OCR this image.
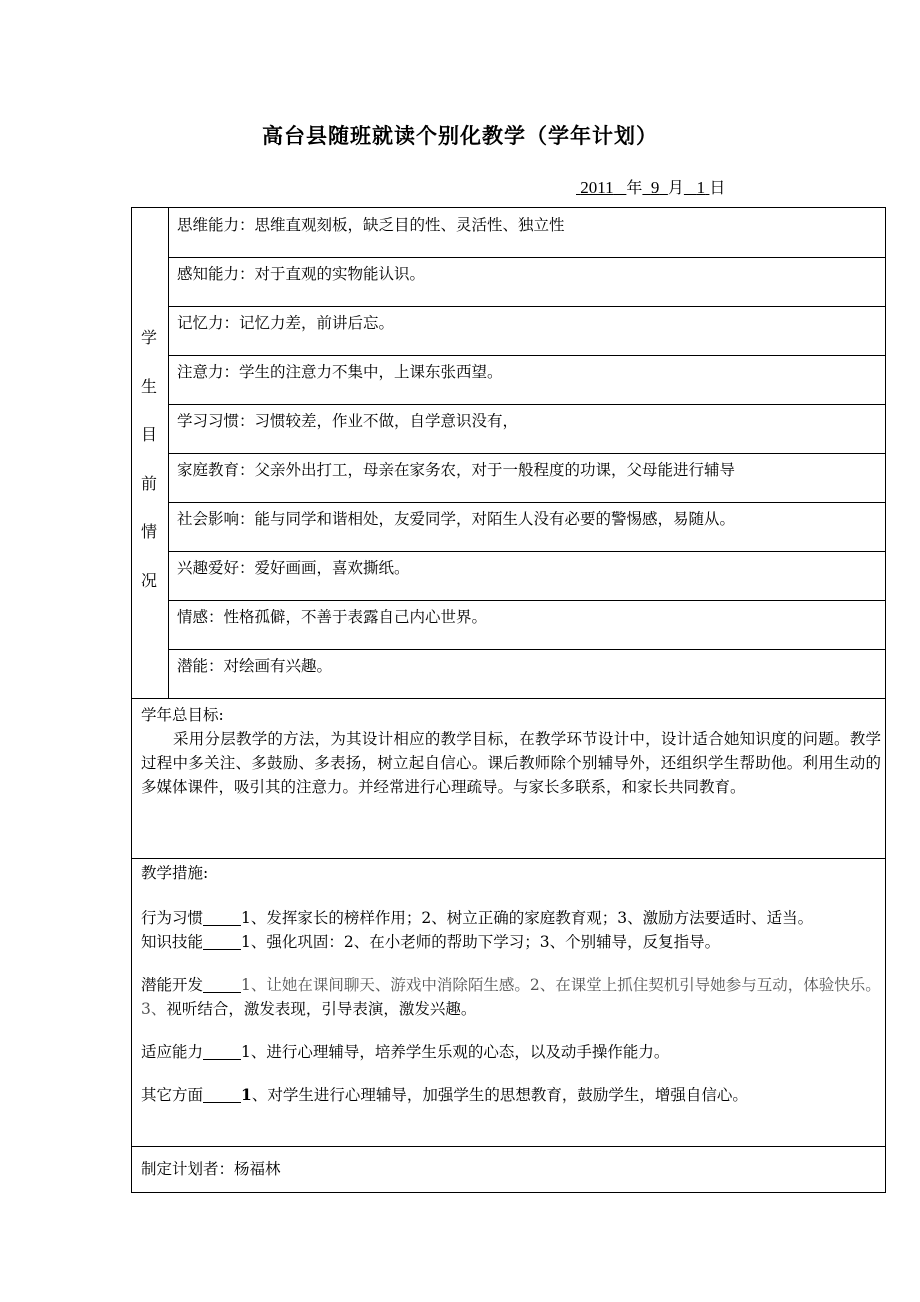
高台县随班就读个别化教学（学年计划）
2011 年 9 月 1 日
学
生
目
前
情
况
思维能力：思维直观刻板，缺乏目的性、灵活性、独立性
感知能力：对于直观的实物能认识。
记忆力：记忆力差，前讲后忘。
注意力：学生的注意力不集中，上课东张西望。
学习习惯：习惯较差，作业不做，自学意识没有，
家庭教育：父亲外出打工，母亲在家务农，对于一般程度的功课，父母能进行辅导
社会影响：能与同学和谐相处，友爱同学，对陌生人没有必要的警惕感，易随从。
兴趣爱好：爱好画画，喜欢撕纸。
情感：性格孤僻，不善于表露自己内心世界。
潜能：对绘画有兴趣。

学年总目标:

采用分层教学的方法，为其设计相应的教学目标，在教学环节设计中，设计适合她知识度的问题。教学过程中多关注、多鼓励、多表扬，树立起自信心。课后教师除个别辅导外，还组织学生帮助他。利用生动的多媒体课件，吸引其的注意力。并经常进行心理疏导。与家长多联系，和家长共同教育。

教学措施:

行为习惯 1、发挥家长的榜样作用；2、树立正确的家庭教育观；3、激励方法要适时、适当。

知识技能 1、强化巩固：2、在小老师的帮助下学习；3、个别辅导，反复指导。

潜能开发 1、让她在课间聊天、游戏中消除陌生感。2、在课堂上抓住契机引导她参与互动，体验快乐。3、视听结合，激发表现，引导表演，激发兴趣。

适应能力 1、进行心理辅导，培养学生乐观的心态，以及动手操作能力。

其它方面 1、对学生进行心理辅导，加强学生的思想教育，鼓励学生，增强自信心。

制定计划者：杨福林
